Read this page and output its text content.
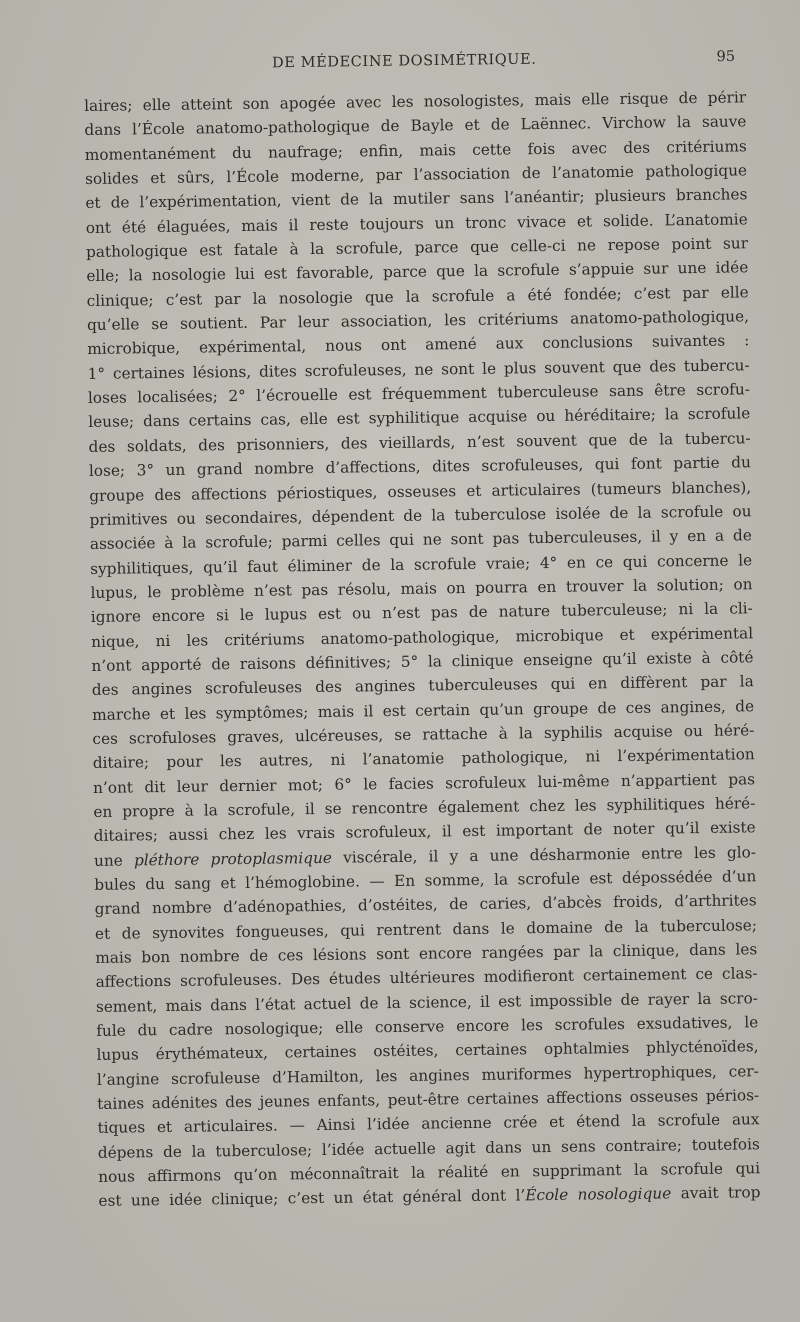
DE MÉDECINE DOSIMÉTRIQUE.	95
laires; elle atteint son apogée avec les nosologistes, mais elle risque de périr
dans l’École anatomo-pathologique de Bayle et de Laënnec. Virchow la sauve
momentanément du naufrage; enfin, mais cette fois avec des critériums
solides et sûrs, l’École moderne, par l’association de l’anatomie pathologique
et de l’expérimentation, vient de la mutiler sans l’anéantir; plusieurs branches
ont été élaguées, mais il reste toujours un tronc vivace et solide. L’anatomie
pathologique est fatale à la scrofule, parce que celle-ci ne repose point sur
elle; la nosologie lui est favorable, parce que la scrofule s’appuie sur une idée
clinique; c’est par la nosologie que la scrofule a été fondée; c’est par elle
qu’elle se soutient. Par leur association, les critériums anatomo-pathologique,
microbique, expérimental, nous ont amené aux conclusions suivantes :
1° certaines lésions, dites scrofuleuses, ne sont le plus souvent que des tubercu-
loses localisées; 2° l’écrouelle est fréquemment tuberculeuse sans être scrofu-
leuse; dans certains cas, elle est syphilitique acquise ou héréditaire; la scrofule
des soldats, des prisonniers, des vieillards, n’est souvent que de la tubercu-
lose; 3° un grand nombre d’affections, dites scrofuleuses, qui font partie du
groupe des affections périostiques, osseuses et articulaires (tumeurs blanches),
primitives ou secondaires, dépendent de la tuberculose isolée de la scrofule ou
associée à la scrofule; parmi celles qui ne sont pas tuberculeuses, il y en a de
syphilitiques, qu’il faut éliminer de la scrofule vraie; 4° en ce qui concerne le
lupus, le problème n’est pas résolu, mais on pourra en trouver la solution; on
ignore encore si le lupus est ou n’est pas de nature tuberculeuse; ni la cli-
nique, ni les critériums anatomo-pathologique, microbique et expérimental
n’ont apporté de raisons définitives; 5° la clinique enseigne qu’il existe à côté
des angines scrofuleuses des angines tuberculeuses qui en diffèrent par la
marche et les symptômes; mais il est certain qu’un groupe de ces angines, de
ces scrofuloses graves, ulcéreuses, se rattache à la syphilis acquise ou héré-
ditaire; pour les autres, ni l’anatomie pathologique, ni l’expérimentation
n’ont dit leur dernier mot; 6° le facies scrofuleux lui-même n’appartient pas
en propre à la scrofule, il se rencontre également chez les syphilitiques héré-
ditaires; aussi chez les vrais scrofuleux, il est important de noter qu’il existe
une pléthore protoplasmique viscérale, il y a une désharmonie entre les glo-
bules du sang et l’hémoglobine. — En somme, la scrofule est dépossédée d’un
grand nombre d’adénopathies, d’ostéites, de caries, d’abcès froids, d’arthrites
et de synovites fongueuses, qui rentrent dans le domaine de la tuberculose;
mais bon nombre de ces lésions sont encore rangées par la clinique, dans les
affections scrofuleuses. Des études ultérieures modifieront certainement ce clas-
sement, mais dans l’état actuel de la science, il est impossible de rayer la scro-
fule du cadre nosologique; elle conserve encore les scrofules exsudatives, le
lupus érythémateux, certaines ostéites, certaines ophtalmies phlycténoïdes,
l’angine scrofuleuse d’Hamilton, les angines muriformes hypertrophiques, cer-
taines adénites des jeunes enfants, peut-être certaines affections osseuses périos-
tiques et articulaires. — Ainsi l’idée ancienne crée et étend la scrofule aux
dépens de la tuberculose; l’idée actuelle agit dans un sens contraire; toutefois
nous affirmons qu’on méconnaîtrait la réalité en supprimant la scrofule qui
est une idée clinique; c’est un état général dont l’École nosologique avait trop
